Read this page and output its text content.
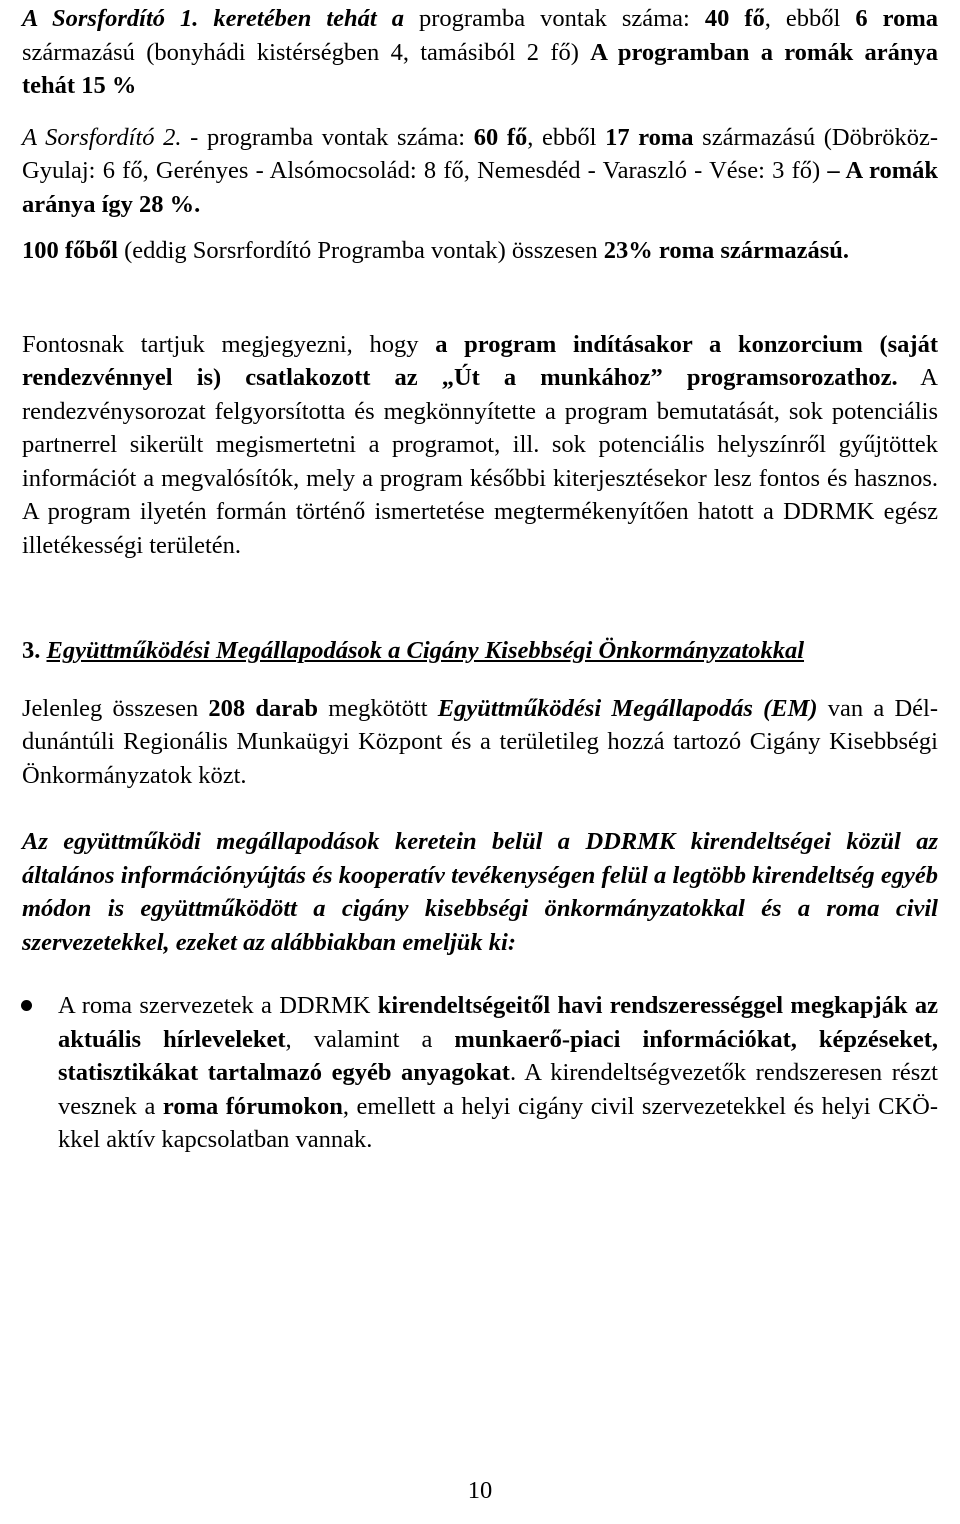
A Sorsfordító 1. keretében tehát a programba vontak száma: 40 fő, ebből 6 roma származású (bonyhádi kistérségben 4, tamásiból 2 fő) A programban a romák aránya tehát 15 %

A Sorsfordító 2. - programba vontak száma: 60 fő, ebből 17 roma származású (Döbrököz- Gyulaj: 6 fő, Gerényes - Alsómocsolád: 8 fő, Nemesdéd - Varaszló - Vése: 3 fő) – A romák aránya így 28 %.

100 főből (eddig Sorsrfordító Programba vontak) összesen 23% roma származású.

Fontosnak tartjuk megjegyezni, hogy a program indításakor a konzorcium (saját rendezvénnyel is) csatlakozott az „Út a munkához” programsorozathoz. A rendezvénysorozat felgyorsította és megkönnyítette a program bemutatását, sok potenciális partnerrel sikerült megismertetni a programot, ill. sok potenciális helyszínről gyűjtöttek információt a megvalósítók, mely a program későbbi kiterjesztésekor lesz fontos és hasznos. A program ilyetén formán történő ismertetése megtermékenyítően hatott a DDRMK egész illetékességi területén.

3. Együttműködési Megállapodások a Cigány Kisebbségi Önkormányzatokkal

Jelenleg összesen 208 darab megkötött Együttműködési Megállapodás (EM) van a Dél-dunántúli Regionális Munkaügyi Központ és a területileg hozzá tartozó Cigány Kisebbségi Önkormányzatok közt.

Az együttműködi megállapodások keretein belül a DDRMK kirendeltségei közül az általános információnyújtás és kooperatív tevékenységen felül a legtöbb kirendeltség egyéb módon is együttműködött a cigány kisebbségi önkormányzatokkal és a roma civil szervezetekkel, ezeket az alábbiakban emeljük ki:

A roma szervezetek a DDRMK kirendeltségeitől havi rendszerességgel megkapják az aktuális hírleveleket, valamint a munkaerő-piaci információkat, képzéseket, statisztikákat tartalmazó egyéb anyagokat. A kirendeltségvezetők rendszeresen részt vesznek a roma fórumokon, emellett a helyi cigány civil szervezetekkel és helyi CKÖ-kkel aktív kapcsolatban vannak.
10
